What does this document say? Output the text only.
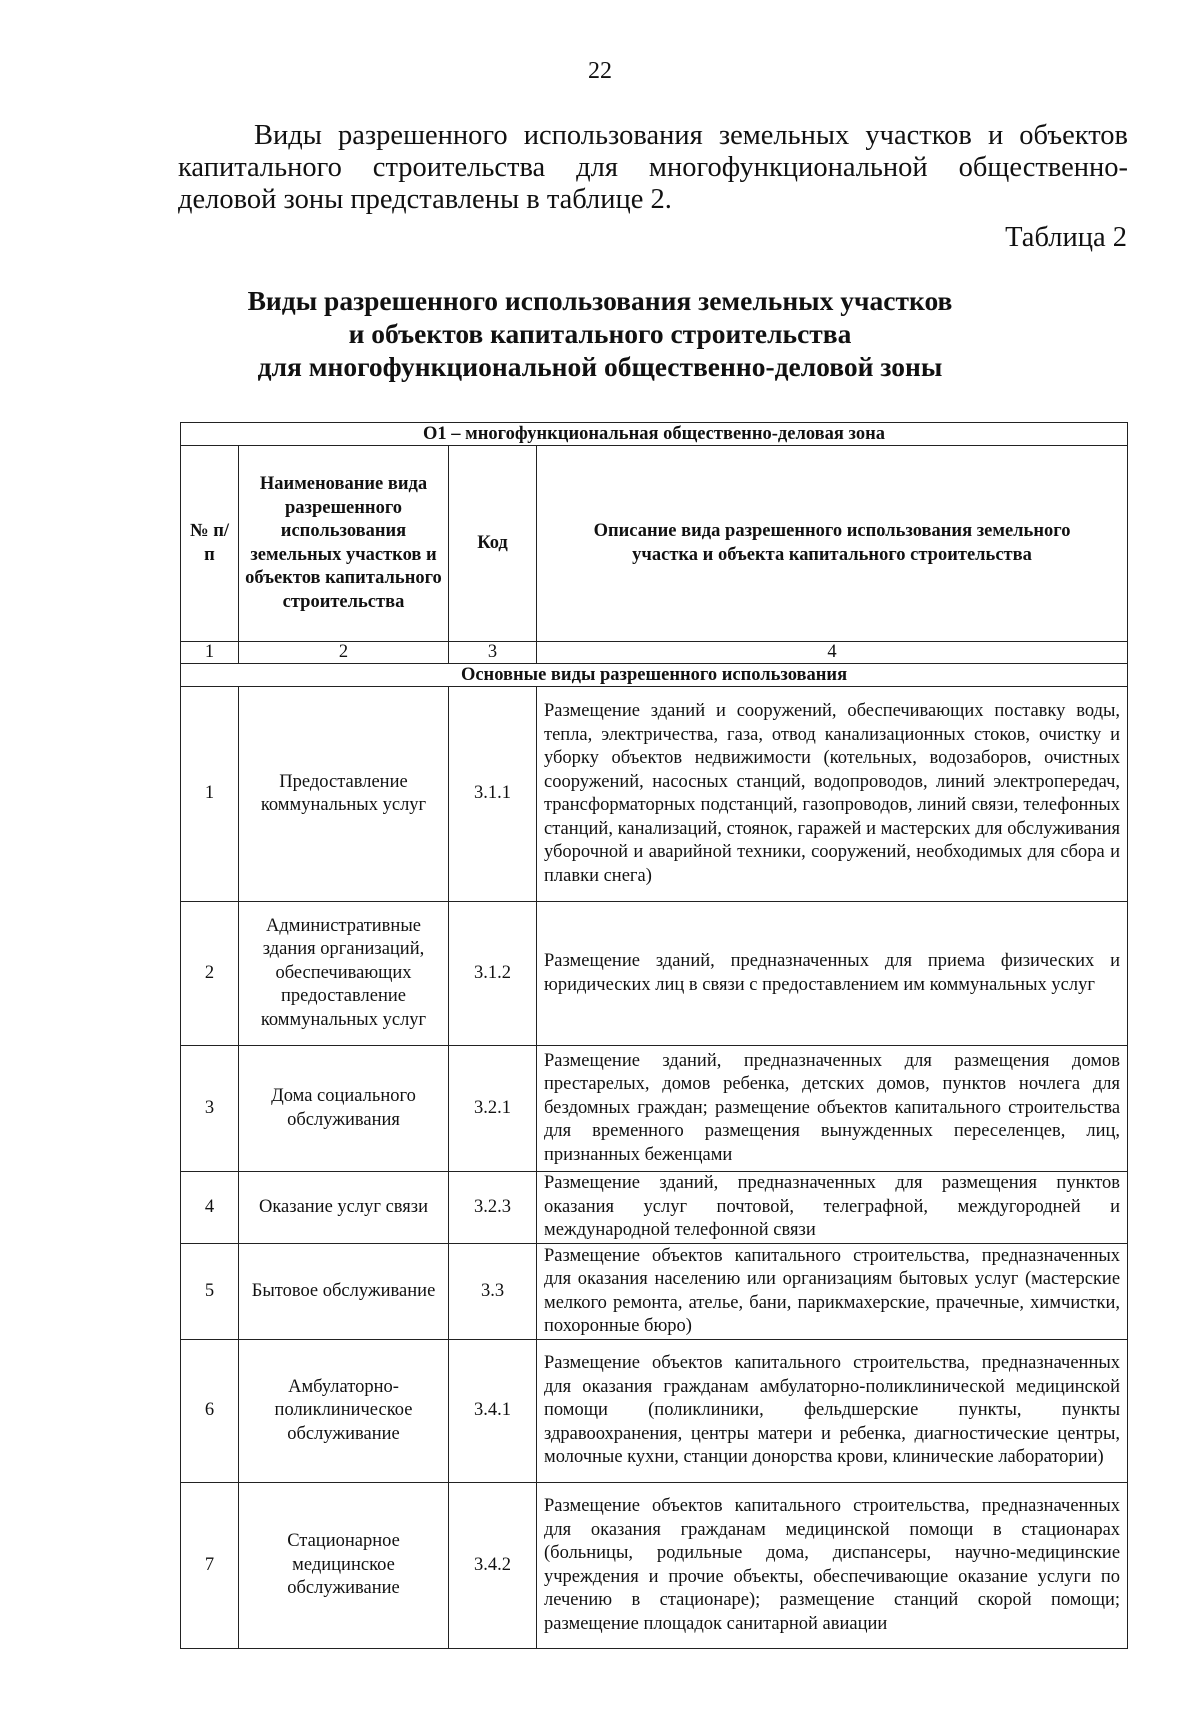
22

Виды разрешенного использования земельных участков и объектов капитального строительства для многофункциональной общественно-деловой зоны представлены в таблице 2.

Таблица 2
Виды разрешенного использования земельных участков
и объектов капитального строительства
для многофункциональной общественно-деловой зоны
О1 – многофункциональная общественно-деловая зона			
№ п/п	Наименование вида разрешенного использования земельных участков и объектов капитального строительства	Код	Описание вида разрешенного использования земельного участка и объекта капитального строительства
1	2	3	4
Основные виды разрешенного использования			
1	Предоставление коммунальных услуг	3.1.1	Размещение зданий и сооружений, обеспечивающих поставку воды, тепла, электричества, газа, отвод канализационных стоков, очистку и уборку объектов недвижимости (котельных, водозаборов, очистных сооружений, насосных станций, водопроводов, линий электропередач, трансформаторных подстанций, газопроводов, линий связи, телефонных станций, канализаций, стоянок, гаражей и мастерских для обслуживания уборочной и аварийной техники, сооружений, необходимых для сбора и плавки снега)
2	Административные здания организаций, обеспечивающих предоставление коммунальных услуг	3.1.2	Размещение зданий, предназначенных для приема физических и юридических лиц в связи с предоставлением им коммунальных услуг
3	Дома социального обслуживания	3.2.1	Размещение зданий, предназначенных для размещения домов престарелых, домов ребенка, детских домов, пунктов ночлега для бездомных граждан; размещение объектов капитального строительства для временного размещения вынужденных переселенцев, лиц, признанных беженцами
4	Оказание услуг связи	3.2.3	Размещение зданий, предназначенных для размещения пунктов оказания услуг почтовой, телеграфной, междугородней и международной телефонной связи
5	Бытовое обслуживание	3.3	Размещение объектов капитального строительства, предназначенных для оказания населению или организациям бытовых услуг (мастерские мелкого ремонта, ателье, бани, парикмахерские, прачечные, химчистки, похоронные бюро)
6	Амбулаторно-поликлиническое обслуживание	3.4.1	Размещение объектов капитального строительства, предназначенных для оказания гражданам амбулаторно-поликлинической медицинской помощи (поликлиники, фельдшерские пункты, пункты здравоохранения, центры матери и ребенка, диагностические центры, молочные кухни, станции донорства крови, клинические лаборатории)
7	Стационарное медицинское обслуживание	3.4.2	Размещение объектов капитального строительства, предназначенных для оказания гражданам медицинской помощи в стационарах (больницы, родильные дома, диспансеры, научно-медицинские учреждения и прочие объекты, обеспечивающие оказание услуги по лечению в стационаре); размещение станций скорой помощи; размещение площадок санитарной авиации
